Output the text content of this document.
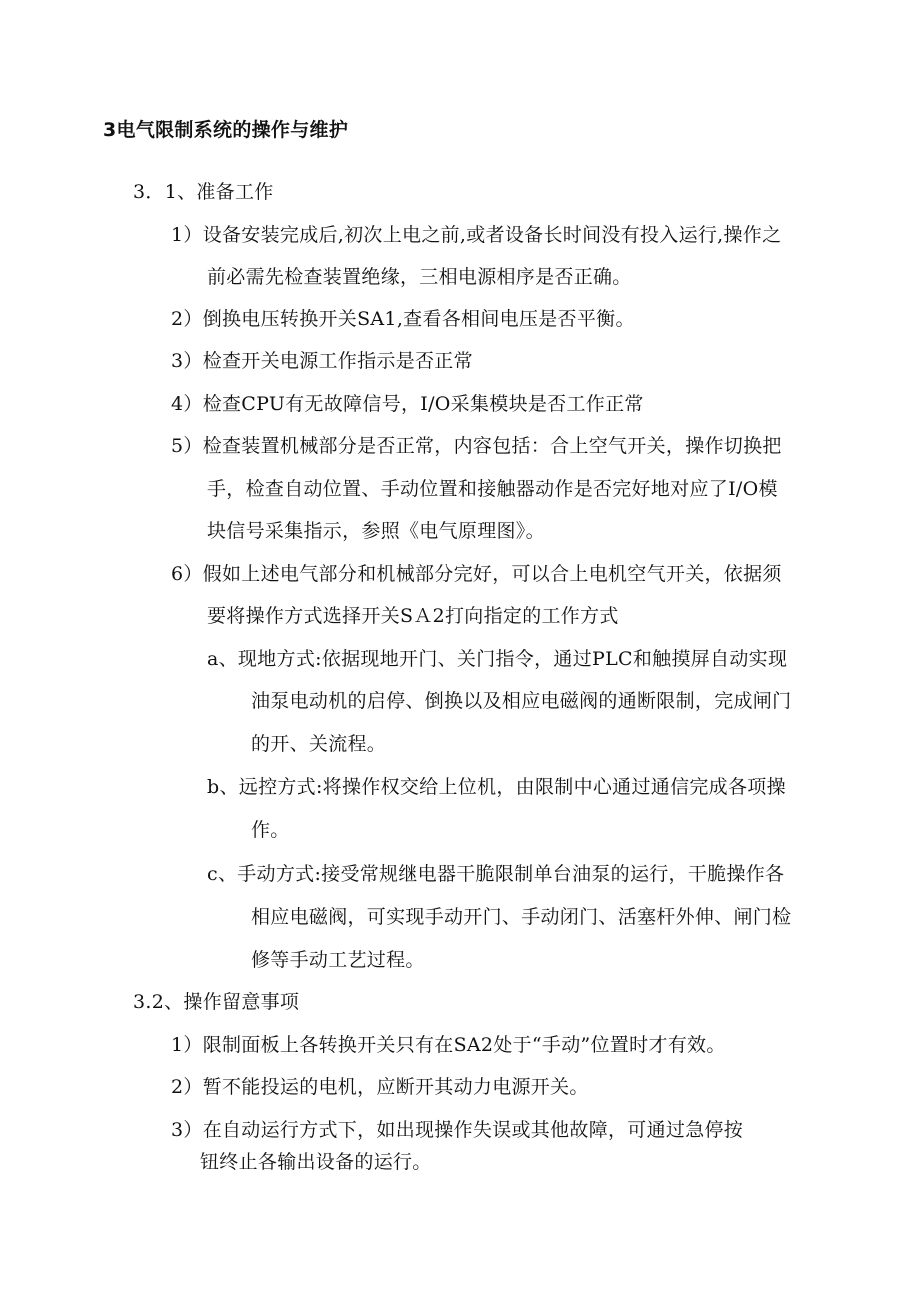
3电气限制系统的操作与维护
3．1、准备工作
1）设备安装完成后,初次上电之前,或者设备长时间没有投入运行,操作之
前必需先检查装置绝缘，三相电源相序是否正确。
2）倒换电压转换开关SA1,查看各相间电压是否平衡。
3）检查开关电源工作指示是否正常
4）检查CPU有无故障信号，I/O采集模块是否工作正常
5）检查装置机械部分是否正常，内容包括：合上空气开关，操作切换把
手，检查自动位置、手动位置和接触器动作是否完好地对应了I/O模
块信号采集指示，参照《电气原理图》。
6）假如上述电气部分和机械部分完好，可以合上电机空气开关，依据须
要将操作方式选择开关SＡ2打向指定的工作方式
a、现地方式:依据现地开门、关门指令，通过PLC和触摸屏自动实现
油泵电动机的启停、倒换以及相应电磁阀的通断限制，完成闸门
的开、关流程。
b、远控方式:将操作权交给上位机，由限制中心通过通信完成各项操
作。
c、手动方式:接受常规继电器干脆限制单台油泵的运行，干脆操作各
相应电磁阀，可实现手动开门、手动闭门、活塞杆外伸、闸门检
修等手动工艺过程。
3.2、操作留意事项
1）限制面板上各转换开关只有在SA2处于“手动”位置时才有效。
2）暂不能投运的电机，应断开其动力电源开关。
3）在自动运行方式下，如出现操作失误或其他故障，可通过急停按
钮终止各输出设备的运行。
